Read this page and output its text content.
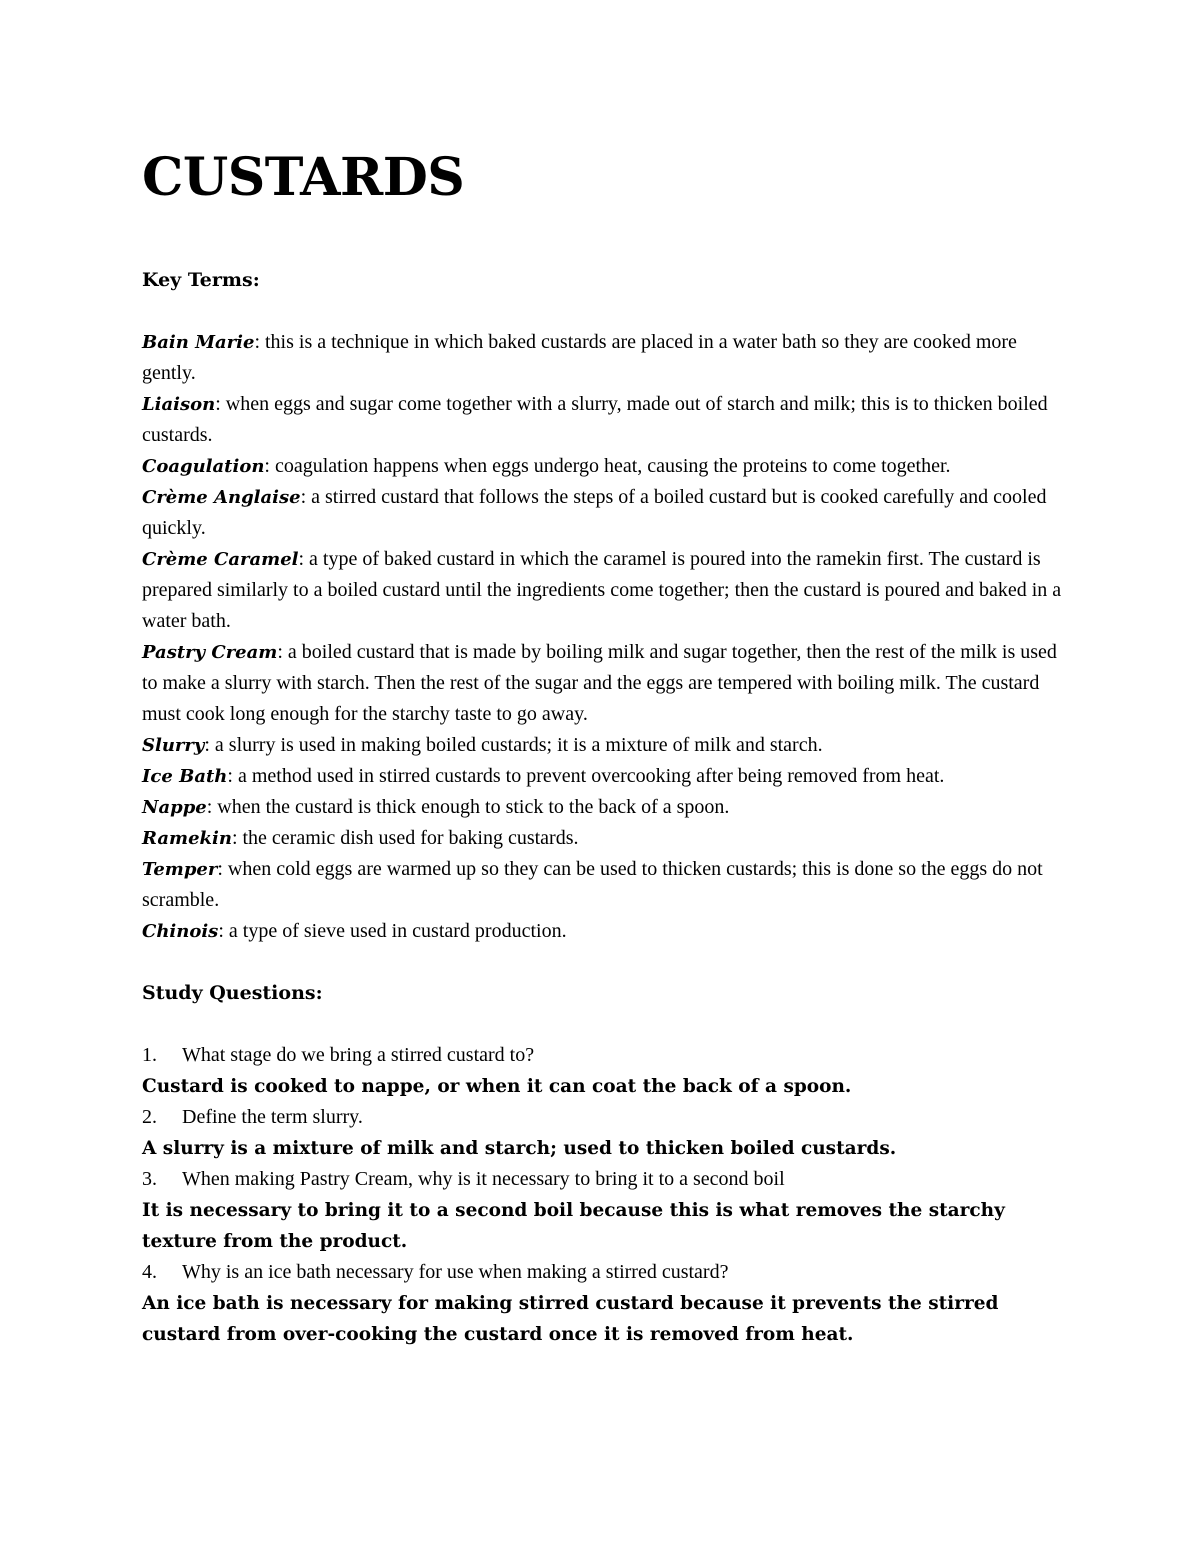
CUSTARDS

Key Terms:

Bain Marie: this is a technique in which baked custards are placed in a water bath so they are cooked more gently.

Liaison: when eggs and sugar come together with a slurry, made out of starch and milk; this is to thicken boiled custards.

Coagulation: coagulation happens when eggs undergo heat, causing the proteins to come together.

Crème Anglaise: a stirred custard that follows the steps of a boiled custard but is cooked carefully and cooled quickly.

Crème Caramel: a type of baked custard in which the caramel is poured into the ramekin first. The custard is prepared similarly to a boiled custard until the ingredients come together; then the custard is poured and baked in a water bath.

Pastry Cream: a boiled custard that is made by boiling milk and sugar together, then the rest of the milk is used to make a slurry with starch. Then the rest of the sugar and the eggs are tempered with boiling milk. The custard must cook long enough for the starchy taste to go away.

Slurry: a slurry is used in making boiled custards; it is a mixture of milk and starch.

Ice Bath: a method used in stirred custards to prevent overcooking after being removed from heat.

Nappe: when the custard is thick enough to stick to the back of a spoon.

Ramekin: the ceramic dish used for baking custards.

Temper: when cold eggs are warmed up so they can be used to thicken custards; this is done so the eggs do not scramble.

Chinois: a type of sieve used in custard production.

Study Questions:

1. What stage do we bring a stirred custard to?

Custard is cooked to nappe, or when it can coat the back of a spoon.

2. Define the term slurry.

A slurry is a mixture of milk and starch; used to thicken boiled custards.

3. When making Pastry Cream, why is it necessary to bring it to a second boil

It is necessary to bring it to a second boil because this is what removes the starchy texture from the product.

4. Why is an ice bath necessary for use when making a stirred custard?

An ice bath is necessary for making stirred custard because it prevents the stirred custard from over-cooking the custard once it is removed from heat.
